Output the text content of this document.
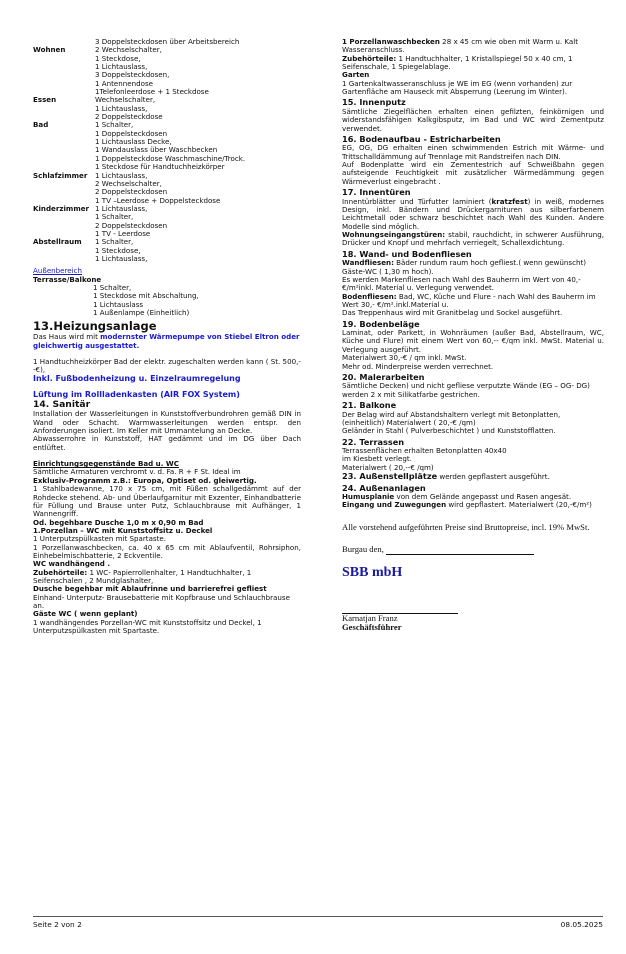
3 Doppelsteckdosen über Arbeitsbereich
Wohnen	2 Wechselschalter,
1 Steckdose,
1 Lichtauslass,
3 Doppelsteckdosen,
1 Antennendose
1Telefonleerdose + 1 Steckdose
Essen	Wechselschalter,
1 Lichtauslass,
2 Doppelsteckdose
Bad	1 Schalter,
1 Doppelsteckdosen
1 Lichtauslass Decke,
1 Wandauslass über Waschbecken
1 Doppelsteckdose Waschmaschine/Trock.
1 Steckdose für Handtuchheizkörper
Schlafzimmer	1 Lichtauslass,
2 Wechselschalter,
2 Doppelsteckdosen
1 TV –Leerdose + Doppelsteckdose
Kinderzimmer 1 Lichtauslass,
1 Schalter,
2 Doppelsteckdosen
1 TV - Leerdose
Abstellraum	1 Schalter,
1 Steckdose,
1 Lichtauslass,
Außenbereich
Terrasse/Balkone
1 Schalter,
1 Steckdose mit Abschaltung,
1 Lichtauslass
1 Außenlampe (Einheitlich)
13.Heizungsanlage
Das Haus wird mit modernster Wärmepumpe von Stiebel Eltron oder gleichwertig ausgestattet.
1 Handtuchheizkörper Bad der elektr. zugeschalten werden kann ( St. 500,--€),
Inkl. Fußbodenheizung u. Einzelraumregelung
Lüftung im Rollladenkasten (AIR FOX System)
14. Sanitär
Installation der Wasserleitungen in Kunststoffverbundrohren gemäß DIN in Wand oder Schacht. Warmwasserleitungen werden entspr. den Anforderungen isoliert. Im Keller mit Ummantelung an Decke.
Abwasserrohre in Kunststoff, HAT gedämmt und im DG über Dach entlüftet.
Einrichtungsgegenstände Bad u. WC
Sämtliche Armaturen verchromt v. d. Fa. R + F St. Ideal im
Exklusiv-Programm z.B.: Europa, Optiset od. gleiwertig.
1 Stahlbadewanne, 170 x 75 cm, mit Füßen schallgedämmt auf der Rohdecke stehend. Ab- und Überlaufgarnitur mit Exzenter, Einhandbatterie für Füllung und Brause unter Putz, Schlauchbrause mit Aufhänger, 1 Wannengriff.
Od. begehbare Dusche 1,0 m x 0,90 m Bad
1.Porzellan – WC mit Kunststoffsitz u. Deckel
1 Unterputzspülkasten mit Spartaste.
1 Porzellanwaschbecken, ca. 40 x 65 cm mit Ablaufventil, Rohrsiphon, Einhebelmischbatterie, 2 Eckventile.
WC wandhängend .
Zubehörteile: 1 WC- Papierrollenhalter, 1 Handtuchhalter, 1 Seifenschalen , 2 Mundglashalter,
Dusche begehbar mit Ablaufrinne und barrierefrei gefliest
Einhand- Unterputz- Brausebatterie mit Kopfbrause und Schlauchbrause an.
Gäste WC ( wenn geplant)
1 wandhängendes Porzellan-WC mit Kunststoffsitz und Deckel, 1 Unterputzspülkasten mit Spartaste.
1 Porzellanwaschbecken 28 x 45 cm wie oben mit Warm u. Kalt Wasseranschluss.
Zubehörteile: 1 Handtuchhalter, 1 Kristallspiegel 50 x 40 cm, 1 Seifenschale, 1 Spiegelablage.
Garten
1 Gartenkaltwasseranschluss je WE im EG (wenn vorhanden) zur Gartenfläche am Hauseck mit Absperrung (Leerung im Winter).
15. Innenputz
Sämtliche Ziegelflächen erhalten einen gefilzten, feinkörnigen und widerstandsfähigen Kalkgibsputz, im Bad und WC wird Zementputz verwendet.
16. Bodenaufbau - Estricharbeiten
EG, OG, DG erhalten einen schwimmenden Estrich mit Wärme- und Trittschalldämmung auf Trennlage mit Randstreifen nach DIN.
Auf Bodenplatte wird ein Zementestrich auf Schweißbahn gegen aufsteigende Feuchtigkeit mit zusätzlicher Wärmedämmung gegen Wärmeverlust eingebracht .
17. Innentüren
Innentürblätter und Türfutter laminiert (kratzfest) in weiß, modernes Design, inkl. Bändern und Drückergarnituren aus silberfarbenem Leichtmetall oder schwarz beschichtet nach Wahl des Kunden. Andere Modelle sind möglich.
Wohnungseingangstüren: stabil, rauchdicht, in schwerer Ausführung, Drücker und Knopf und mehrfach verriegelt, Schallexdichtung.
18. Wand- und Bodenfliesen
Wandfliesen: Bäder rundum raum hoch gefliest.( wenn gewünscht) Gäste-WC ( 1,30 m hoch).
Es werden Markenfliesen nach Wahl des Bauherrn im Wert von 40,- €/m²inkl. Material u. Verlegung verwendet.
Bodenfliesen: Bad, WC, Küche und Flure - nach Wahl des Bauherrn im Wert 30,- €/m².inkl.Material u.
Das Treppenhaus wird mit Granitbelag und Sockel ausgeführt.
19. Bodenbeläge
Laminat, oder Parkett, in Wohnräumen (außer Bad, Abstellraum, WC, Küche und Flure) mit einem Wert von 60,-- €/qm inkl. MwSt. Material u. Verlegung ausgeführt.
Materialwert 30,-€ / qm inkl. MwSt.
Mehr od. Minderpreise werden verrechnet.
20. Malerarbeiten
Sämtliche Decken) und nicht gefliese verputzte Wände (EG – OG- DG) werden 2 x mit Silikatfarbe gestrichen.
21. Balkone
Der Belag wird auf Abstandshaltern verlegt mit Betonplatten, (einheitlich) Materialwert ( 20,-€ /qm)
Geländer in Stahl ( Pulverbeschichtet ) und Kunststofflatten.
22. Terrassen
Terrassenflächen erhalten Betonplatten 40x40
im Kiesbett verlegt.
Materialwert ( 20,--€ /qm)
23. Außenstellplätze werden gepflastert ausgeführt.
24. Außenanlagen
Humusplanie von dem Gelände angepasst und Rasen angesät.
Eingang und Zuwegungen wird gepflastert. Materialwert (20,-€/m²)
Alle vorstehend aufgeführten Preise sind Bruttopreise, incl. 19% MwSt.
Burgau den,
SBB mbH
Karnatjan Franz
Geschäftsführer
Seite 2 von 2	08.05.2025
